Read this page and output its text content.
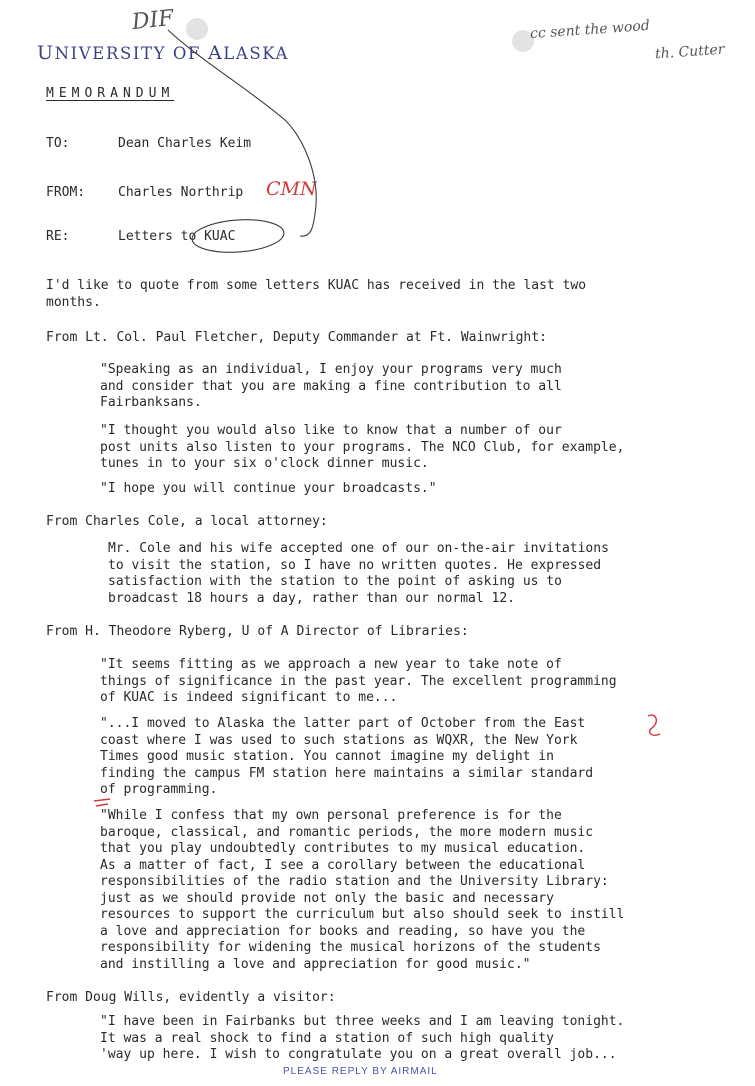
UNIVERSITY OF ALASKA
DIF	cc sent the wood
th. Cutter
MEMORANDUM
TO:	Dean Charles Keim
FROM:	Charles Northrip CMN
RE:	Letters to KUAC

I'd like to quote from some letters KUAC has received in the last two

months.

From Lt. Col. Paul Fletcher, Deputy Commander at Ft. Wainwright:

"Speaking as an individual, I enjoy your programs very much

and consider that you are making a fine contribution to all

Fairbanksans.

"I thought you would also like to know that a number of our

post units also listen to your programs. The NCO Club, for example,

tunes in to your six o'clock dinner music.

"I hope you will continue your broadcasts."

From Charles Cole, a local attorney:

Mr. Cole and his wife accepted one of our on-the-air invitations

to visit the station, so I have no written quotes. He expressed

satisfaction with the station to the point of asking us to

broadcast 18 hours a day, rather than our normal 12.

From H. Theodore Ryberg, U of A Director of Libraries:

"It seems fitting as we approach a new year to take note of

things of significance in the past year. The excellent programming

of KUAC is indeed significant to me...

"...I moved to Alaska the latter part of October from the East

coast where I was used to such stations as WQXR, the New York

Times good music station. You cannot imagine my delight in

finding the campus FM station here maintains a similar standard

of programming.

"While I confess that my own personal preference is for the

baroque, classical, and romantic periods, the more modern music

that you play undoubtedly contributes to my musical education.

As a matter of fact, I see a corollary between the educational

responsibilities of the radio station and the University Library:

just as we should provide not only the basic and necessary

resources to support the curriculum but also should seek to instill

a love and appreciation for books and reading, so have you the

responsibility for widening the musical horizons of the students

and instilling a love and appreciation for good music."

From Doug Wills, evidently a visitor:

"I have been in Fairbanks but three weeks and I am leaving tonight.

It was a real shock to find a station of such high quality

'way up here. I wish to congratulate you on a great overall job...

PLEASE REPLY BY AIRMAIL
